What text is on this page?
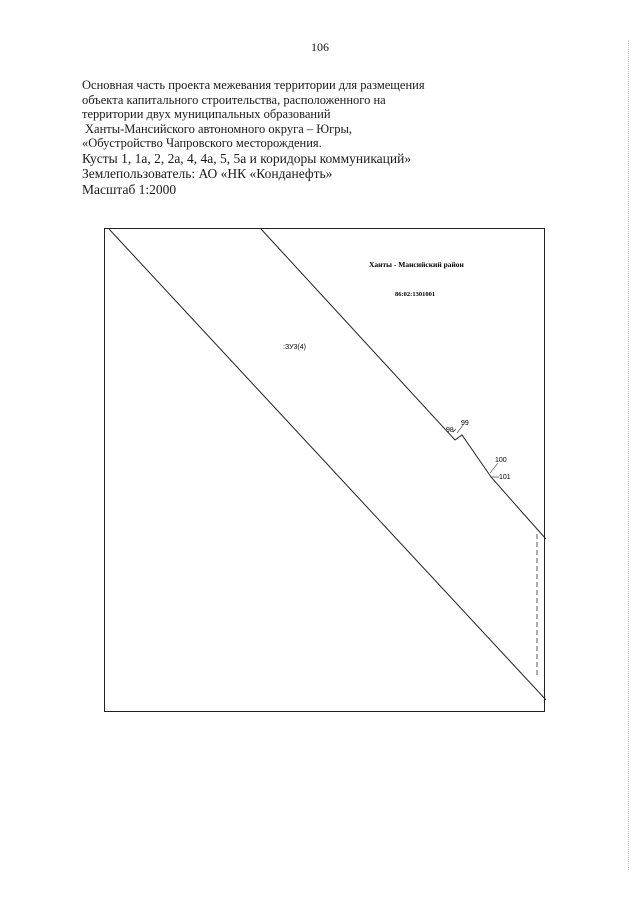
106
Основная часть проекта межевания территории для размещения
объекта капитального строительства, расположенного на
территории двух муниципальных образований
Ханты-Мансийского автономного округа – Югры,
«Обустройство Чапровского месторождения.
Кусты 1, 1а, 2, 2а, 4, 4а, 5, 5а и коридоры коммуникаций»
Землепользователь: АО «НК «Конданефть»
Масштаб 1:2000
Ханты - Мансийский район
86:02:1301001
:ЗУ3(4)
98
99
100
101
